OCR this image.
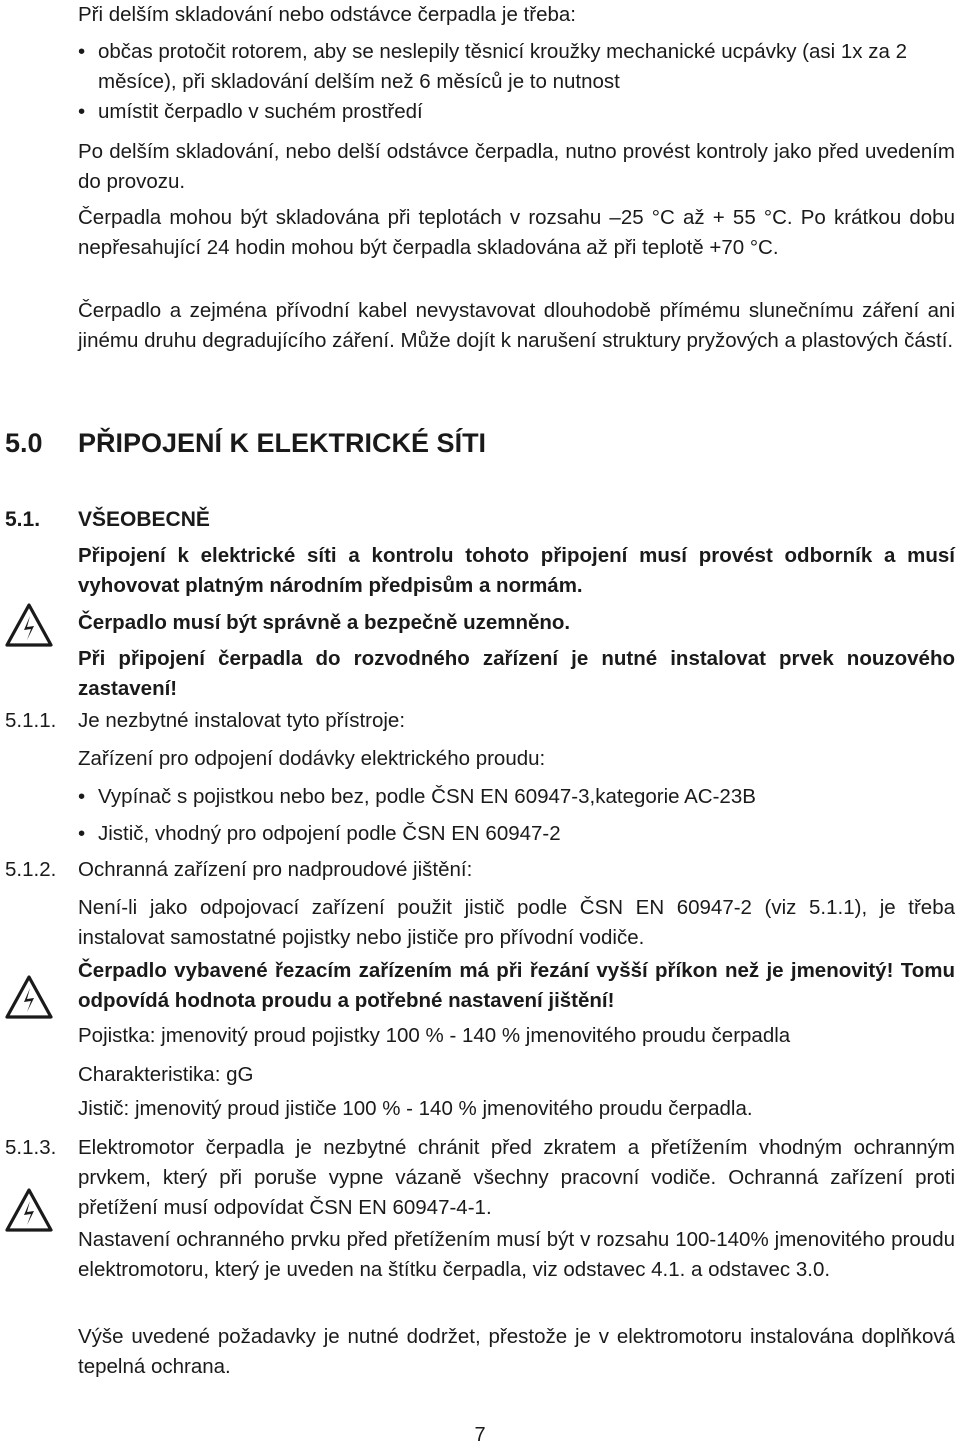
Při delším skladování nebo odstávce čerpadla je třeba:

• občas protočit rotorem, aby se neslepily těsnicí kroužky mechanické ucpávky (asi 1x za 2 měsíce), při skladování delším než 6 měsíců je to nutnost
• umístit čerpadlo v suchém prostředí

Po delším skladování, nebo delší odstávce čerpadla, nutno provést kontroly jako před uvedením do provozu.

Čerpadla mohou být skladována při teplotách v rozsahu –25 °C až + 55 °C. Po krátkou dobu nepřesahující 24 hodin mohou být čerpadla skladována až při teplotě +70 °C.

Čerpadlo a zejména přívodní kabel nevystavovat dlouhodobě přímému slunečnímu záření ani jinému druhu degradujícího záření. Může dojít k narušení struktury pryžových a plastových částí.

5.0 PŘIPOJENÍ K ELEKTRICKÉ SÍTI
5.1. VŠEOBECNĚ

Připojení k elektrické síti a kontrolu tohoto připojení musí provést odborník a musí vyhovovat platným národním předpisům a normám.

Čerpadlo musí být správně a bezpečně uzemněno.

Při připojení čerpadla do rozvodného zařízení je nutné instalovat prvek nouzového zastavení!

5.1.1. Je nezbytné instalovat tyto přístroje:

Zařízení pro odpojení dodávky elektrického proudu:

• Vypínač s pojistkou nebo bez, podle ČSN EN 60947-3,kategorie AC-23B
• Jistič, vhodný pro odpojení podle ČSN EN 60947-2
5.1.2. Ochranná zařízení pro nadproudové jištění:

Není-li jako odpojovací zařízení použit jistič podle ČSN EN 60947-2 (viz 5.1.1), je třeba instalovat samostatné pojistky nebo jističe pro přívodní vodiče.

Čerpadlo vybavené řezacím zařízením má při řezání vyšší příkon než je jmenovitý! Tomu odpovídá hodnota proudu a potřebné nastavení jištění!

Pojistka: jmenovitý proud pojistky 100 % - 140 % jmenovitého proudu čerpadla

Charakteristika: gG

Jistič: jmenovitý proud jističe 100 % - 140 % jmenovitého proudu čerpadla.

5.1.3. Elektromotor čerpadla je nezbytné chránit před zkratem a přetížením vhodným ochranným prvkem, který při poruše vypne vázaně všechny pracovní vodiče. Ochranná zařízení proti přetížení musí odpovídat ČSN EN 60947-4-1.

Nastavení ochranného prvku před přetížením musí být v rozsahu 100-140% jmenovitého proudu elektromotoru, který je uveden na štítku čerpadla, viz odstavec 4.1. a odstavec 3.0.

Výše uvedené požadavky je nutné dodržet, přestože je v elektromotoru instalována doplňková tepelná ochrana.

7
